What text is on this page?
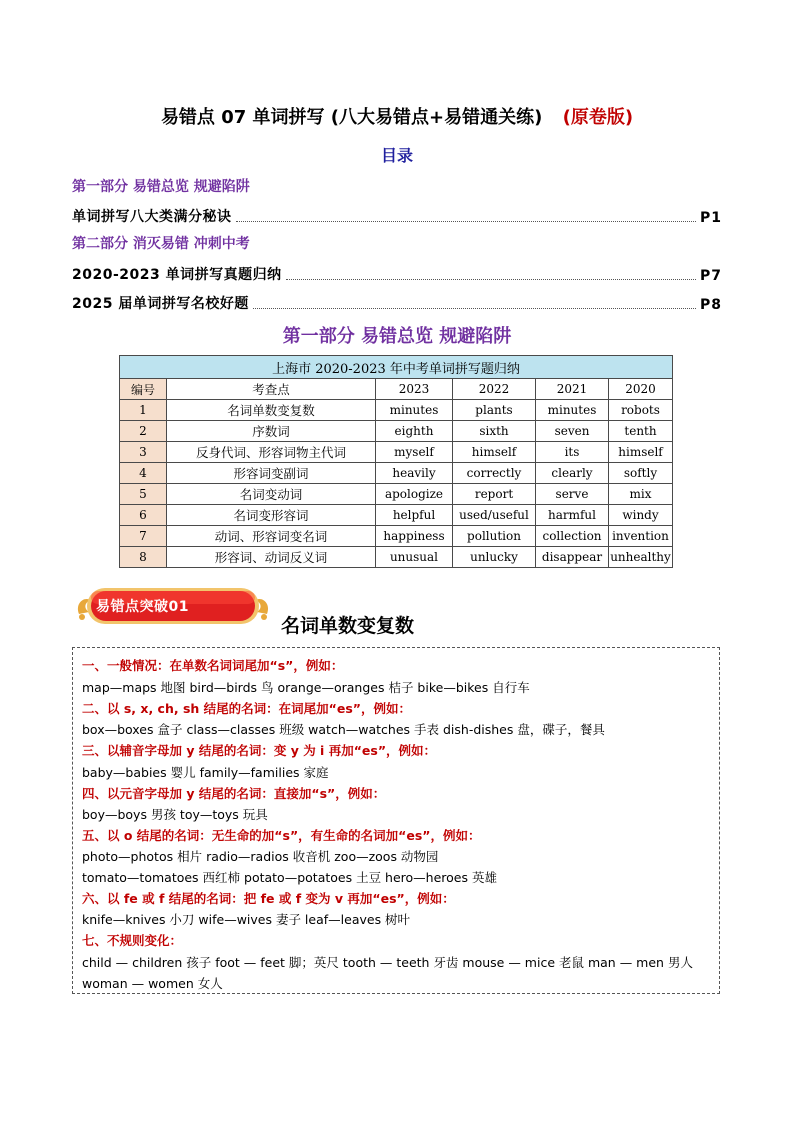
易错点 07 单词拼写 (八大易错点+易错通关练) (原卷版)
目录
第一部分 易错总览 规避陷阱
单词拼写八大类满分秘诀	P1
第二部分 消灭易错 冲刺中考
2020-2023 单词拼写真题归纳	P7
2025 届单词拼写名校好题	P8
第一部分 易错总览 规避陷阱
上海市 2020-2023 年中考单词拼写题归纳					
编号	考查点	2023	2022	2021	2020
1	名词单数变复数	minutes	plants	minutes	robots
2	序数词	eighth	sixth	seven	tenth
3	反身代词、形容词物主代词	myself	himself	its	himself
4	形容词变副词	heavily	correctly	clearly	softly
5	名词变动词	apologize	report	serve	mix
6	名词变形容词	helpful	used/useful	harmful	windy
7	动词、形容词变名词	happiness	pollution	collection	invention
8	形容词、动词反义词	unusual	unlucky	disappear	unhealthy
易错点突破01
名词单数变复数
一、一般情况：在单数名词词尾加“s”，例如：
map—maps 地图 bird—birds 鸟 orange—oranges 桔子 bike—bikes 自行车
二、以 s, x, ch, sh 结尾的名词：在词尾加“es”，例如：
box—boxes 盒子 class—classes 班级 watch—watches 手表 dish-dishes 盘，碟子，餐具
三、以辅音字母加 y 结尾的名词：变 y 为 i 再加“es”，例如：
baby—babies 婴儿 family—families 家庭
四、以元音字母加 y 结尾的名词：直接加“s”，例如：
boy—boys 男孩 toy—toys 玩具
五、以 o 结尾的名词：无生命的加“s”，有生命的名词加“es”，例如：
photo—photos 相片 radio—radios 收音机 zoo—zoos 动物园
tomato—tomatoes 西红柿 potato—potatoes 土豆 hero—heroes 英雄
六、以 fe 或 f 结尾的名词：把 fe 或 f 变为 v 再加“es”，例如：
knife—knives 小刀 wife—wives 妻子 leaf—leaves 树叶
七、不规则变化：
child — children 孩子 foot — feet 脚；英尺 tooth — teeth 牙齿 mouse — mice 老鼠 man — men 男人
woman — women 女人
